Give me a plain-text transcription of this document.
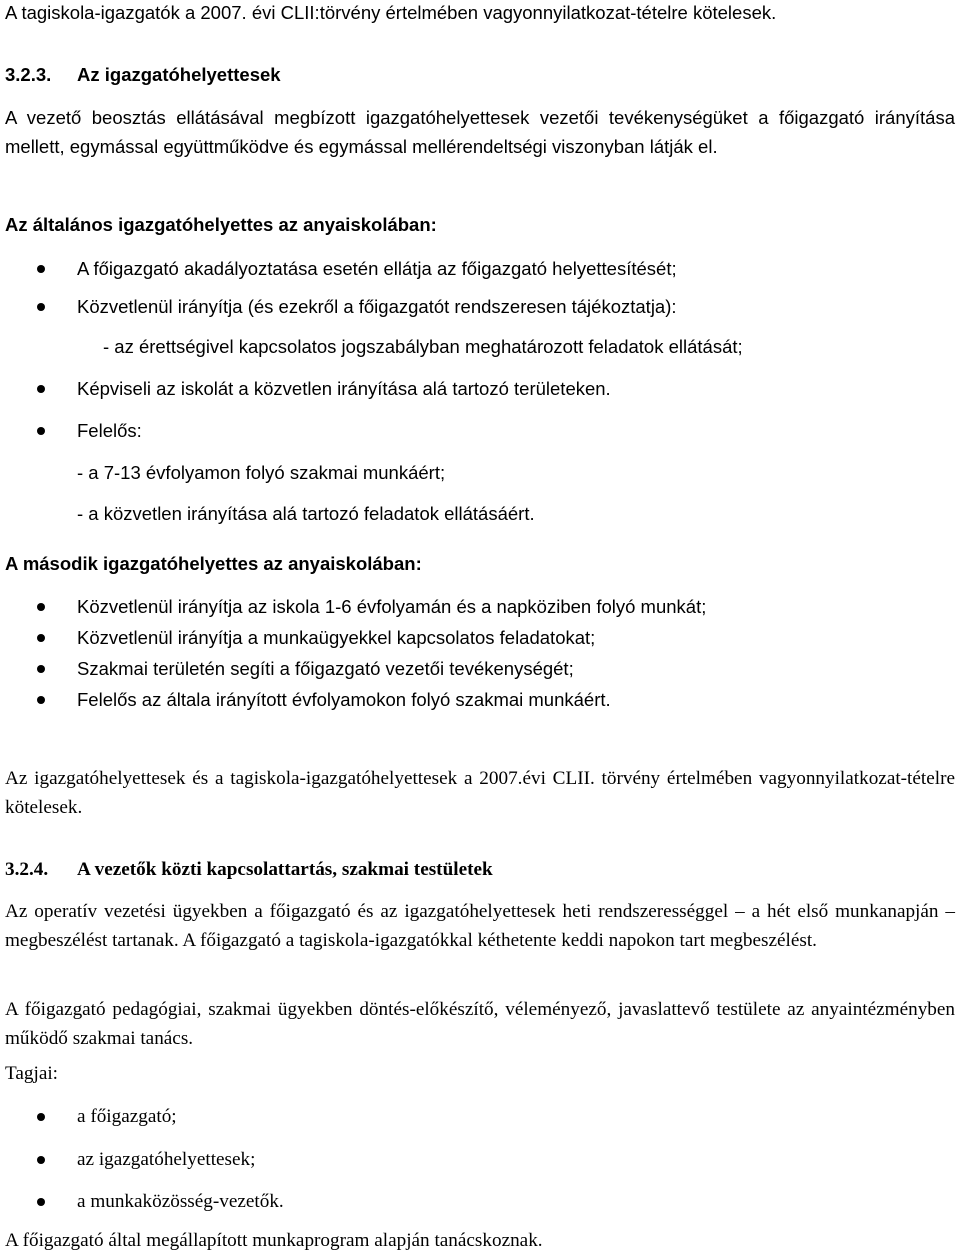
A tagiskola-igazgatók a 2007. évi CLII:törvény értelmében vagyonnyilatkozat-tételre kötelesek.

3.2.3. Az igazgatóhelyettesek

A vezető beosztás ellátásával megbízott igazgatóhelyettesek vezetői tevékenységüket a főigazgató irányítása mellett, egymással együttműködve és egymással mellérendeltségi viszonyban látják el.

Az általános igazgatóhelyettes az anyaiskolában:

A főigazgató akadályoztatása esetén ellátja az főigazgató helyettesítését;

Közvetlenül irányítja (és ezekről a főigazgatót rendszeresen tájékoztatja):

- az érettségivel kapcsolatos jogszabályban meghatározott feladatok ellátását;

Képviseli az iskolát a közvetlen irányítása alá tartozó területeken.

Felelős:

- a 7-13 évfolyamon folyó szakmai munkáért;

- a közvetlen irányítása alá tartozó feladatok ellátásáért.

A második igazgatóhelyettes az anyaiskolában:

Közvetlenül irányítja az iskola 1-6 évfolyamán és a napköziben folyó munkát;

Közvetlenül irányítja a munkaügyekkel kapcsolatos feladatokat;

Szakmai területén segíti a főigazgató vezetői tevékenységét;

Felelős az általa irányított évfolyamokon folyó szakmai munkáért.

Az igazgatóhelyettesek és a tagiskola-igazgatóhelyettesek a 2007.évi CLII. törvény értelmében vagyonnyilatkozat-tételre kötelesek.

3.2.4. A vezetők közti kapcsolattartás, szakmai testületek

Az operatív vezetési ügyekben a főigazgató és az igazgatóhelyettesek heti rendszerességgel – a hét első munkanapján – megbeszélést tartanak. A főigazgató a tagiskola-igazgatókkal kéthetente keddi napokon tart megbeszélést.

A főigazgató pedagógiai, szakmai ügyekben döntés-előkészítő, véleményező, javaslattevő testülete az anyaintézményben működő szakmai tanács.

Tagjai:

a főigazgató;

az igazgatóhelyettesek;

a munkaközösség-vezetők.

A főigazgató által megállapított munkaprogram alapján tanácskoznak.
